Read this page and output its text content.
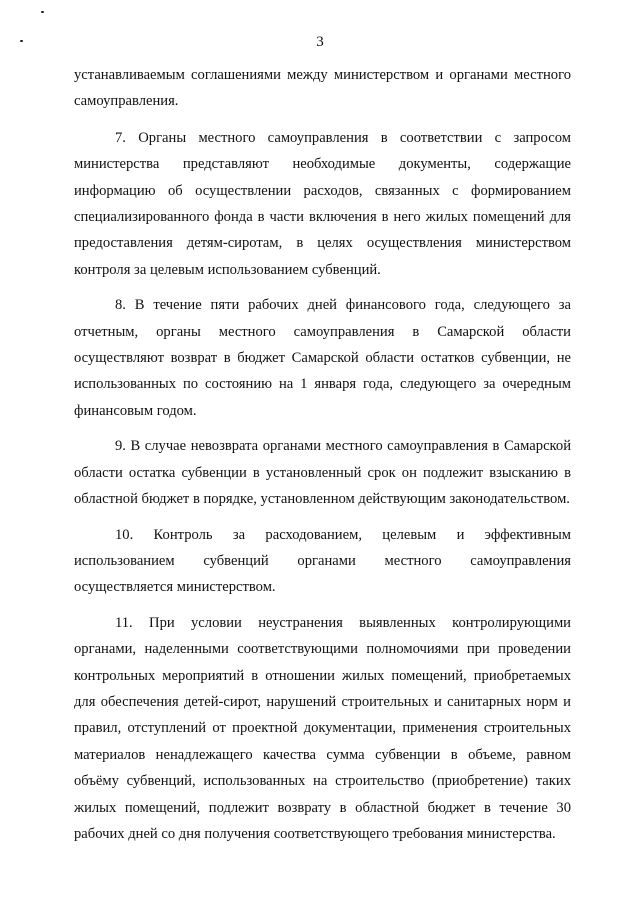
3

устанавливаемым соглашениями между министерством и органами местного самоуправления.

7. Органы местного самоуправления в соответствии с запросом министерства представляют необходимые документы, содержащие информацию об осуществлении расходов, связанных с формированием специализированного фонда в части включения в него жилых помещений для предоставления детям-сиротам, в целях осуществления министерством контроля за целевым использованием субвенций.

8. В течение пяти рабочих дней финансового года, следующего за отчетным, органы местного самоуправления в Самарской области осуществляют возврат в бюджет Самарской области остатков субвенции, не использованных по состоянию на 1 января года, следующего за очередным финансовым годом.

9. В случае невозврата органами местного самоуправления в Самарской области остатка субвенции в установленный срок он подлежит взысканию в областной бюджет в порядке, установленном действующим законодательством.

10. Контроль за расходованием, целевым и эффективным использованием субвенций органами местного самоуправления осуществляется министерством.

11. При условии неустранения выявленных контролирующими органами, наделенными соответствующими полномочиями при проведении контрольных мероприятий в отношении жилых помещений, приобретаемых для обеспечения детей-сирот, нарушений строительных и санитарных норм и правил, отступлений от проектной документации, применения строительных материалов ненадлежащего качества сумма субвенции в объеме, равном объёму субвенций, использованных на строительство (приобретение) таких жилых помещений, подлежит возврату в областной бюджет в течение 30 рабочих дней со дня получения соответствующего требования министерства.
